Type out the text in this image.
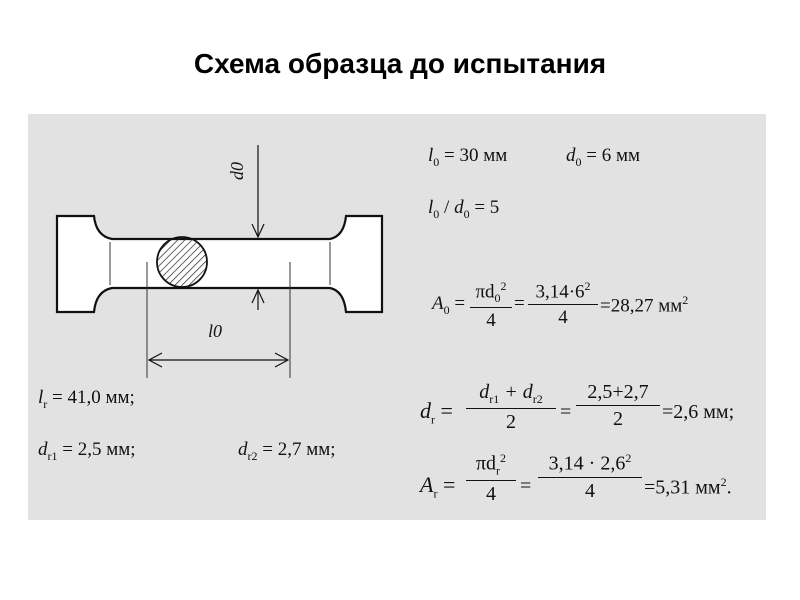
Схема образца до испытания
d0
l0
$l_0 = 30$ мм	$d_0 = 6$ мм
$l_0 / d_0 = 5$
$A_0$ =
$\pi d_0^2$
4
=
$3,14\cdot 6^2$
4
=28,27 $мм^2$
$l_r = 41,0$ мм;
$d_{r1} = 2,5$ мм;	$d_{r2} = 2,7$ мм;
$d_r$ =
$d_{r1} + d_{r2}$
2	=
2,5+2,7
2	=2,6 мм;
$A_r$ =
$\pi d_r^2$
4	=
$3,14 \cdot 2,6^2$
4	=5,31 $мм^2$.
